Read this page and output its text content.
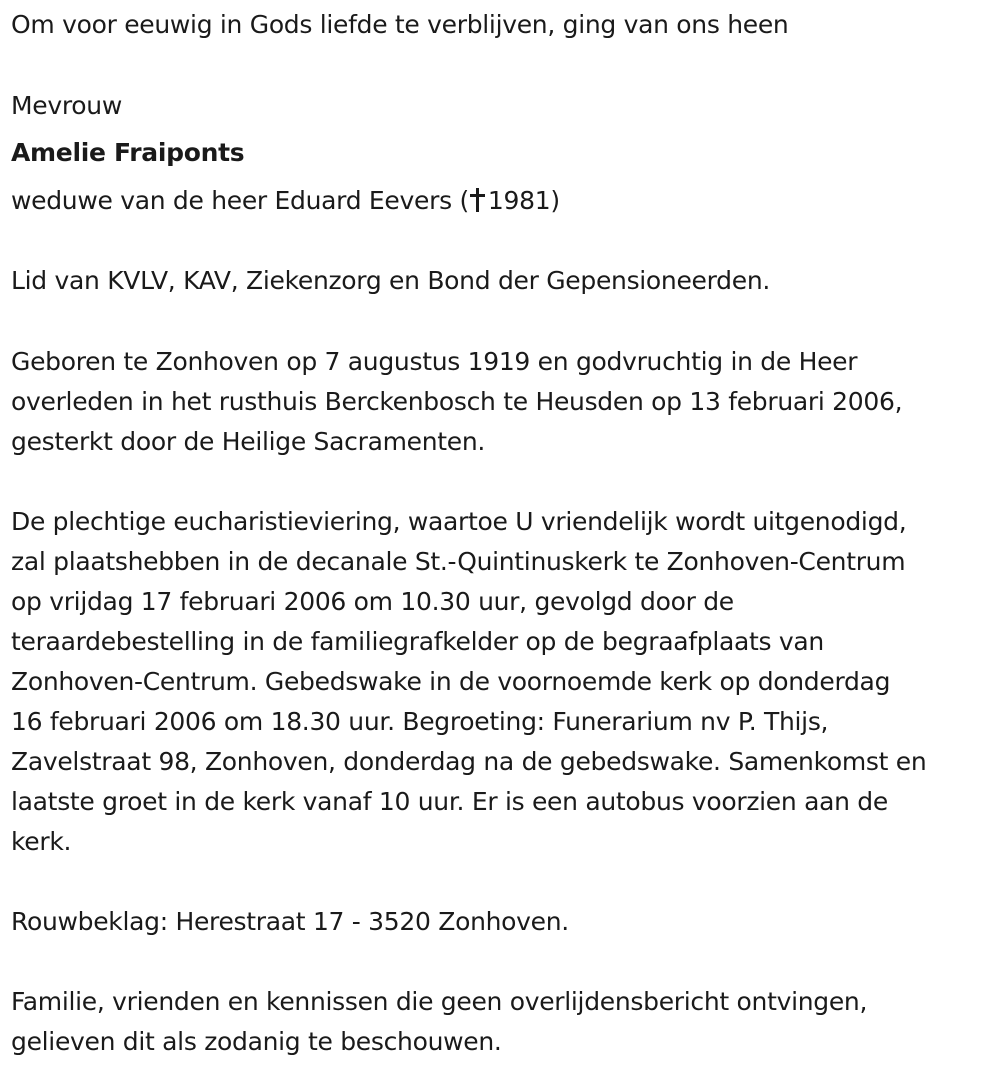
Om voor eeuwig in Gods liefde te verblijven, ging van ons heen
Mevrouw
Amelie Fraiponts
weduwe van de heer Eduard Eevers ( 1981)
Lid van KVLV, KAV, Ziekenzorg en Bond der Gepensioneerden.
Geboren te Zonhoven op 7 augustus 1919 en godvruchtig in de Heer
overleden in het rusthuis Berckenbosch te Heusden op 13 februari 2006,
gesterkt door de Heilige Sacramenten.
De plechtige eucharistieviering, waartoe U vriendelijk wordt uitgenodigd,
zal plaatshebben in de decanale St.-Quintinuskerk te Zonhoven-Centrum
op vrijdag 17 februari 2006 om 10.30 uur, gevolgd door de
teraardebestelling in de familiegrafkelder op de begraafplaats van
Zonhoven-Centrum. Gebedswake in de voornoemde kerk op donderdag
16 februari 2006 om 18.30 uur. Begroeting: Funerarium nv P. Thijs,
Zavelstraat 98, Zonhoven, donderdag na de gebedswake. Samenkomst en
laatste groet in de kerk vanaf 10 uur. Er is een autobus voorzien aan de
kerk.
Rouwbeklag: Herestraat 17 - 3520 Zonhoven.
Familie, vrienden en kennissen die geen overlijdensbericht ontvingen,
gelieven dit als zodanig te beschouwen.
